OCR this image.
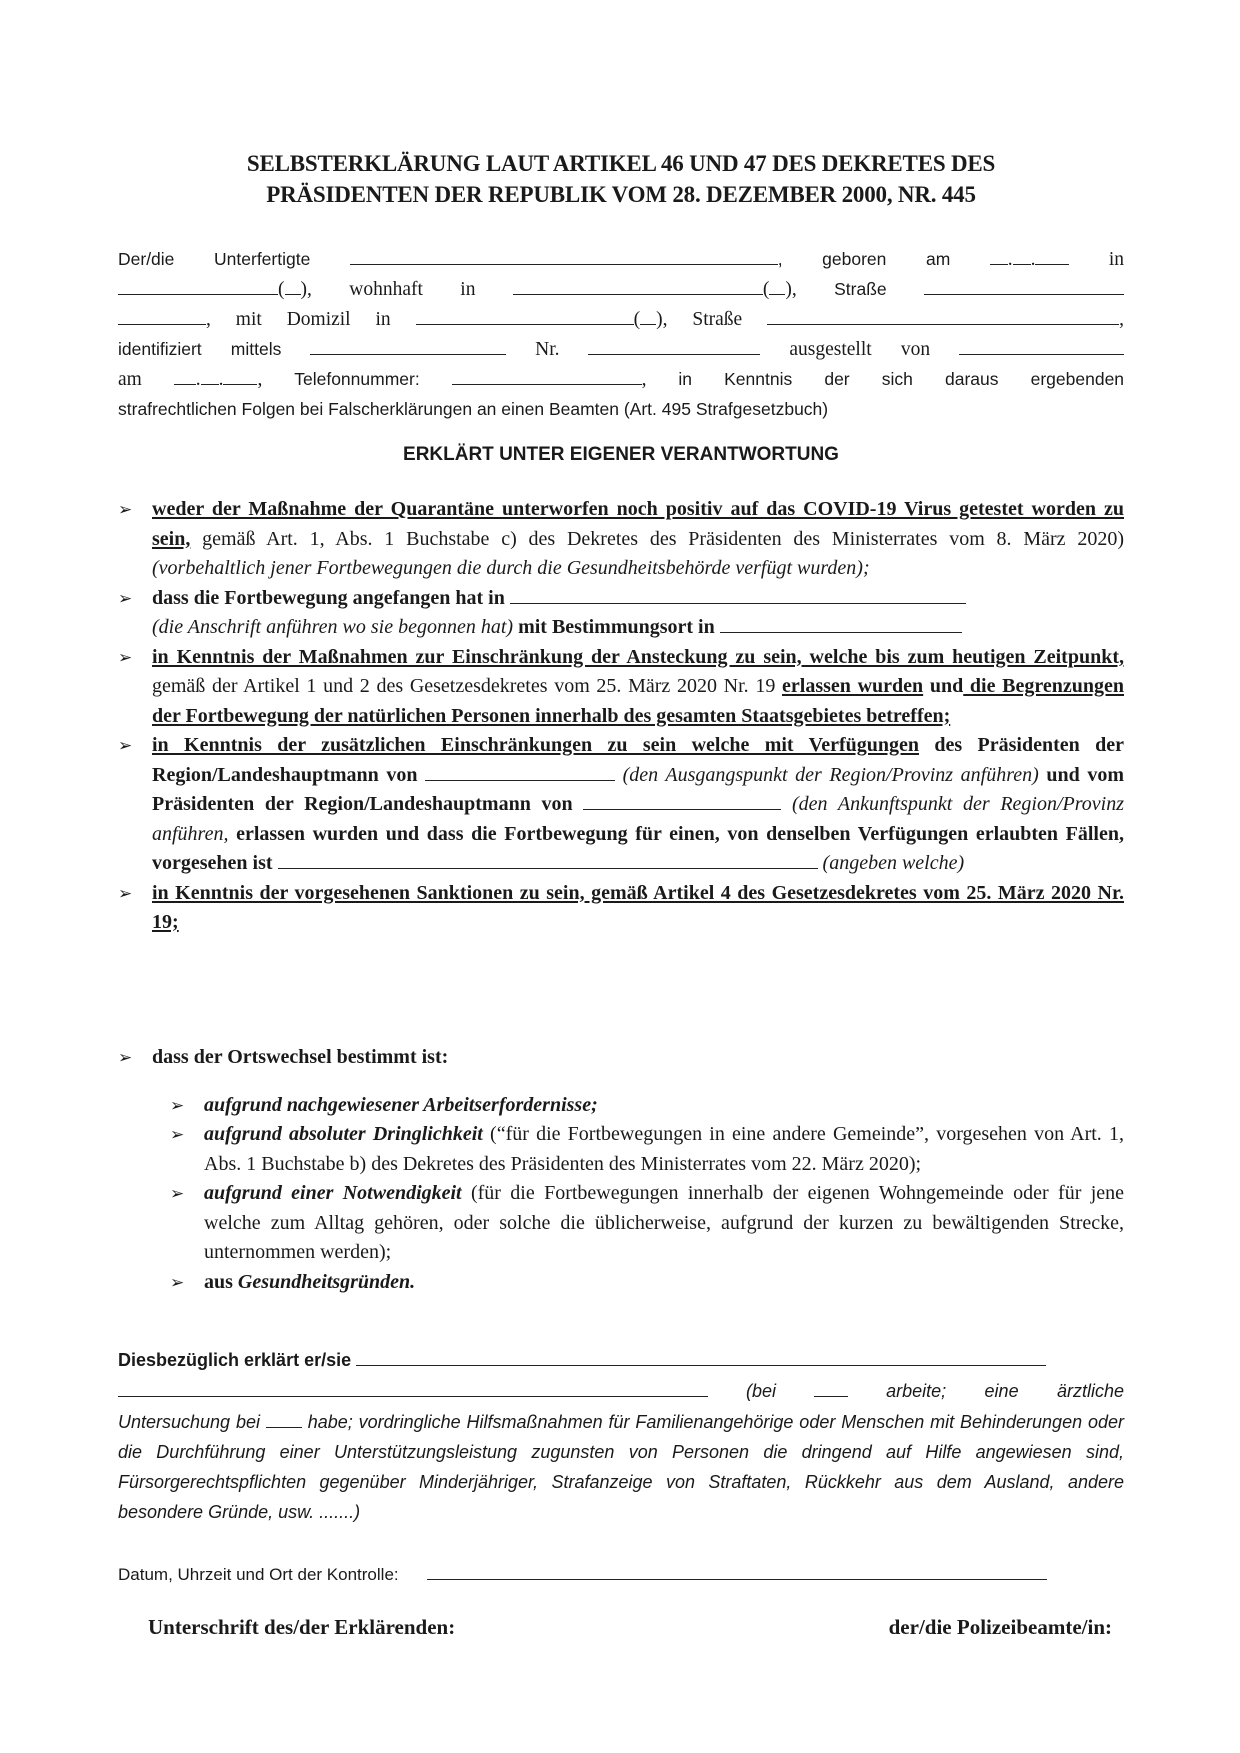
SELBSTERKLÄRUNG LAUT ARTIKEL 46 UND 47 DES DEKRETES DES
PRÄSIDENTEN DER REPUBLIK VOM 28. DEZEMBER 2000, NR. 445
Der/die Unterfertigte	, geboren am	. .	in
( ), wohnhaft in	( ), Straße
, mit Domizil in	( ), Straße	,
identifiziert mittels	Nr.	ausgestellt von
am	. . , Telefonnummer:	, in Kenntnis der sich daraus ergebenden
strafrechtlichen Folgen bei Falscherklärungen an einen Beamten (Art. 495 Strafgesetzbuch)
ERKLÄRT UNTER EIGENER VERANTWORTUNG
➢ weder der Maßnahme der Quarantäne unterworfen noch positiv auf das COVID-19 Virus getestet worden zu sein, gemäß Art. 1, Abs. 1 Buchstabe c) des Dekretes des Präsidenten des Ministerrates vom 8. März 2020) (vorbehaltlich jener Fortbewegungen die durch die Gesundheitsbehörde verfügt wurden);
➢ dass die Fortbewegung angefangen hat in
(die Anschrift anführen wo sie begonnen hat) mit Bestimmungsort in
➢ in Kenntnis der Maßnahmen zur Einschränkung der Ansteckung zu sein, welche bis zum heutigen Zeitpunkt, gemäß der Artikel 1 und 2 des Gesetzesdekretes vom 25. März 2020 Nr. 19 erlassen wurden und die Begrenzungen der Fortbewegung der natürlichen Personen innerhalb des gesamten Staatsgebietes betreffen;
➢ in Kenntnis der zusätzlichen Einschränkungen zu sein welche mit Verfügungen des Präsidenten der Region/Landeshauptmann von	(den Ausgangspunkt der Region/Provinz anführen) und vom Präsidenten der Region/Landeshauptmann von	(den Ankunftspunkt der Region/Provinz anführen, erlassen wurden und dass die Fortbewegung für einen, von denselben Verfügungen erlaubten Fällen, vorgesehen ist	(angeben welche)
➢ in Kenntnis der vorgesehenen Sanktionen zu sein, gemäß Artikel 4 des Gesetzesdekretes vom 25. März 2020 Nr. 19;
➢ dass der Ortswechsel bestimmt ist:
➢ aufgrund nachgewiesener Arbeitserfordernisse;
➢ aufgrund absoluter Dringlichkeit (“für die Fortbewegungen in eine andere Gemeinde”, vorgesehen von Art. 1, Abs. 1 Buchstabe b) des Dekretes des Präsidenten des Ministerrates vom 22. März 2020);
➢ aufgrund einer Notwendigkeit (für die Fortbewegungen innerhalb der eigenen Wohngemeinde oder für jene welche zum Alltag gehören, oder solche die üblicherweise, aufgrund der kurzen zu bewältigenden Strecke, unternommen werden);
➢ aus Gesundheitsgründen.
Diesbezüglich erklärt er/sie
(bei	arbeite; eine ärztliche
Untersuchung bei  habe; vordringliche Hilfsmaßnahmen für Familienangehörige oder Menschen mit Behinderungen oder die Durchführung einer Unterstützungsleistung zugunsten von Personen die dringend auf Hilfe angewiesen sind, Fürsorgerechtspflichten gegenüber Minderjähriger, Strafanzeige von Straftaten, Rückkehr aus dem Ausland, andere besondere Gründe, usw. .......)
Datum, Uhrzeit und Ort der Kontrolle:
Unterschrift des/der Erklärenden:	der/die Polizeibeamte/in:
